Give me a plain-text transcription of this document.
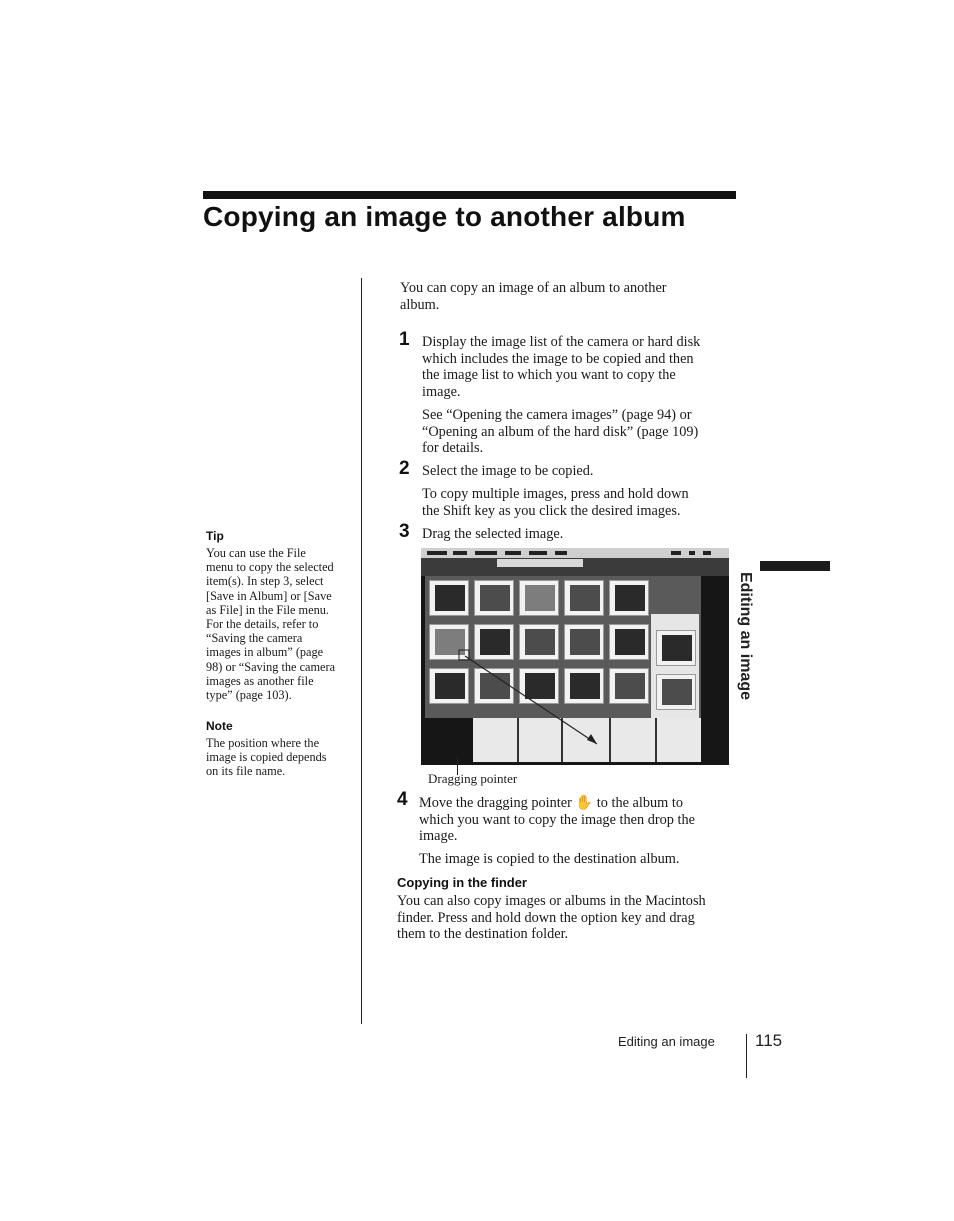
Copying an image to another album
Tip
You can use the File
menu to copy the selected
item(s). In step 3, select
[Save in Album] or [Save
as File] in the File menu.
For the details, refer to
“Saving the camera
images in album” (page
98) or “Saving the camera
images as another file
type” (page 103).
Note
The position where the
image is copied depends
on its file name.
You can copy an image of an album to another
album.
1 Display the image list of the camera or hard disk
which includes the image to be copied and then
the image list to which you want to copy the
image.
See “Opening the camera images” (page 94) or
“Opening an album of the hard disk” (page 109)
for details.
2 Select the image to be copied.
To copy multiple images, press and hold down
the Shift key as you click the desired images.
3 Drag the selected image.
Dragging pointer
4 Move the dragging pointer ✋ to the album to
which you want to copy the image then drop the
image.
The image is copied to the destination album.
Copying in the finder
You can also copy images or albums in the Macintosh
finder. Press and hold down the option key and drag
them to the destination folder.
Editing an image
Editing an image 115
